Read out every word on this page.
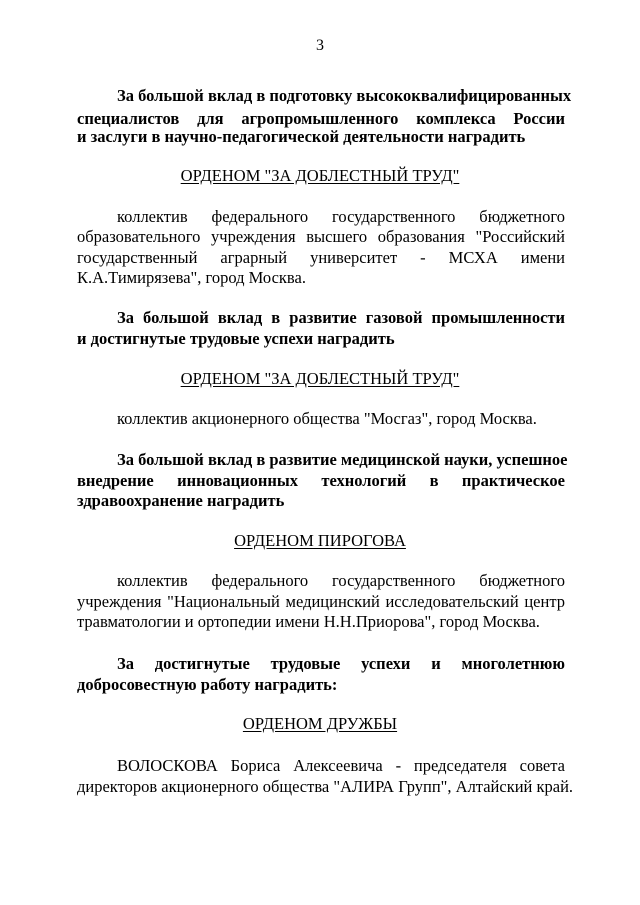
3
За большой вклад в подготовку высококвалифицированных
специалистов для агропромышленного комплекса России
и заслуги в научно-педагогической деятельности наградить
ОРДЕНОМ "ЗА ДОБЛЕСТНЫЙ ТРУД"
коллектив федерального государственного бюджетного
образовательного учреждения высшего образования "Российский
государственный аграрный университет - МСХА имени
К.А.Тимирязева", город Москва.
За большой вклад в развитие газовой промышленности
и достигнутые трудовые успехи наградить
ОРДЕНОМ "ЗА ДОБЛЕСТНЫЙ ТРУД"
коллектив акционерного общества "Мосгаз", город Москва.
За большой вклад в развитие медицинской науки, успешное
внедрение инновационных технологий в практическое
здравоохранение наградить
ОРДЕНОМ ПИРОГОВА
коллектив федерального государственного бюджетного
учреждения "Национальный медицинский исследовательский центр
травматологии и ортопедии имени Н.Н.Приорова", город Москва.
За достигнутые трудовые успехи и многолетнюю
добросовестную работу наградить:
ОРДЕНОМ ДРУЖБЫ
ВОЛОСКОВА Бориса Алексеевича - председателя совета
директоров акционерного общества "АЛИРА Групп", Алтайский край.
